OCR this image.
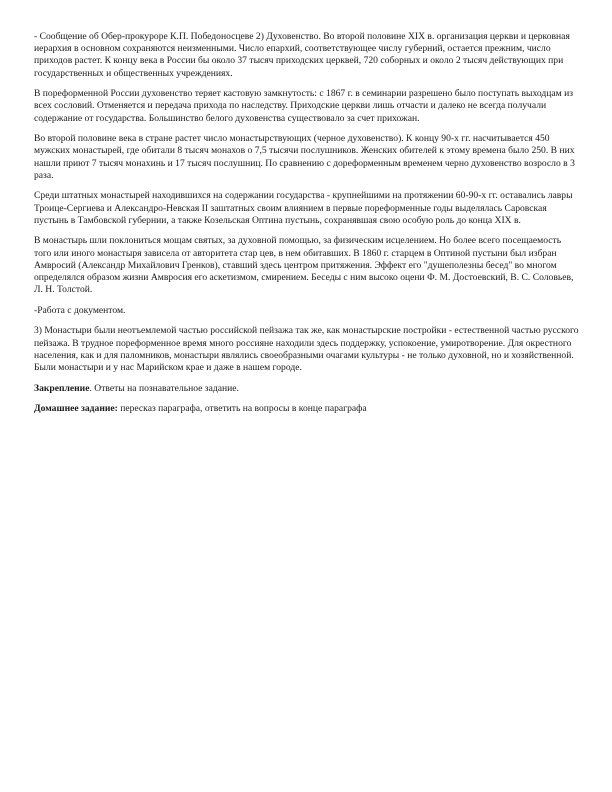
- Сообщение об Обер-прокуроре К.П. Победоносцеве 2) Духовенство. Во второй половине XIX в. организация церкви и церковная иерархия в основном сохраняются неизменными. Число епархий, соответствующее числу губерний, остается прежним, число приходов растет. К концу века в России бы около 37 тысяч приходских церквей, 720 соборных и около 2 тысяч действующих при государственных и общественных учреждениях.

В пореформенной России духовенство теряет кастовую замкнутость: с 1867 г. в семинарии разрешено было поступать выходцам из всех сословий. Отменяется и передача прихода по наследству. Приходские церкви лишь отчасти и далеко не всегда получали содержание от государства. Большинство белого духовенства существовало за счет прихожан.

Во второй половине века в стране растет число монастырствующих (черное духовенство). К концу 90-х гг. насчитывается 450 мужских монастырей, где обитали 8 тысяч монахов о 7,5 тысячи послушников. Женских обителей к этому времена было 250. В них нашли приют 7 тысяч монахинь и 17 тысяч послушниц. По сравнению с дореформенным временем черно духовенство возросло в 3 раза.

Среди штатных монастырей находившихся на содержании государства - крупнейшими на протяжении 60-90-х гг. оставались лавры Троице-Сергиева и Александро-Невская II заштатных своим влиянием в первые пореформенные годы выделялась Саровская пустынь в Тамбовской губернии, а также Козельская Оптина пустынь, сохранявшая свою особую роль до конца XIX в.

В монастырь шли поклониться мощам святых, за духовной помощью, за физическим исцелением. Но более всего посещаемость того или иного монастыря зависела от авторитета стар цев, в нем обитавших. В 1860 г. старцем в Оптиной пустыни был избран Амвросий (Александр Михайлович Гренков), ставший здесь центром притяжения. Эффект его "душеполезны бесед" во многом определялся образом жизни Амвросия его аскетизмом, смирением. Беседы с ним высоко оцени Ф. М. Достоевский, В. С. Соловьев, Л. Н. Толстой.

-Работа с документом.

3) Монастыри были неотъемлемой частью российской пейзажа так же, как монастырские постройки - естественной частью русского пейзажа. В трудное пореформенное время много россияне находили здесь поддержку, успокоение, умиротворение. Для окрестного населения, как и для паломников, монастыри являлись своеобразными очагами культуры - не только духовной, но и хозяйственной. Были монастыри и у нас Марийском крае и даже в нашем городе.

Закрепление. Ответы на познавательное задание.

Домашнее задание: пересказ параграфа, ответить на вопросы в конце параграфа
